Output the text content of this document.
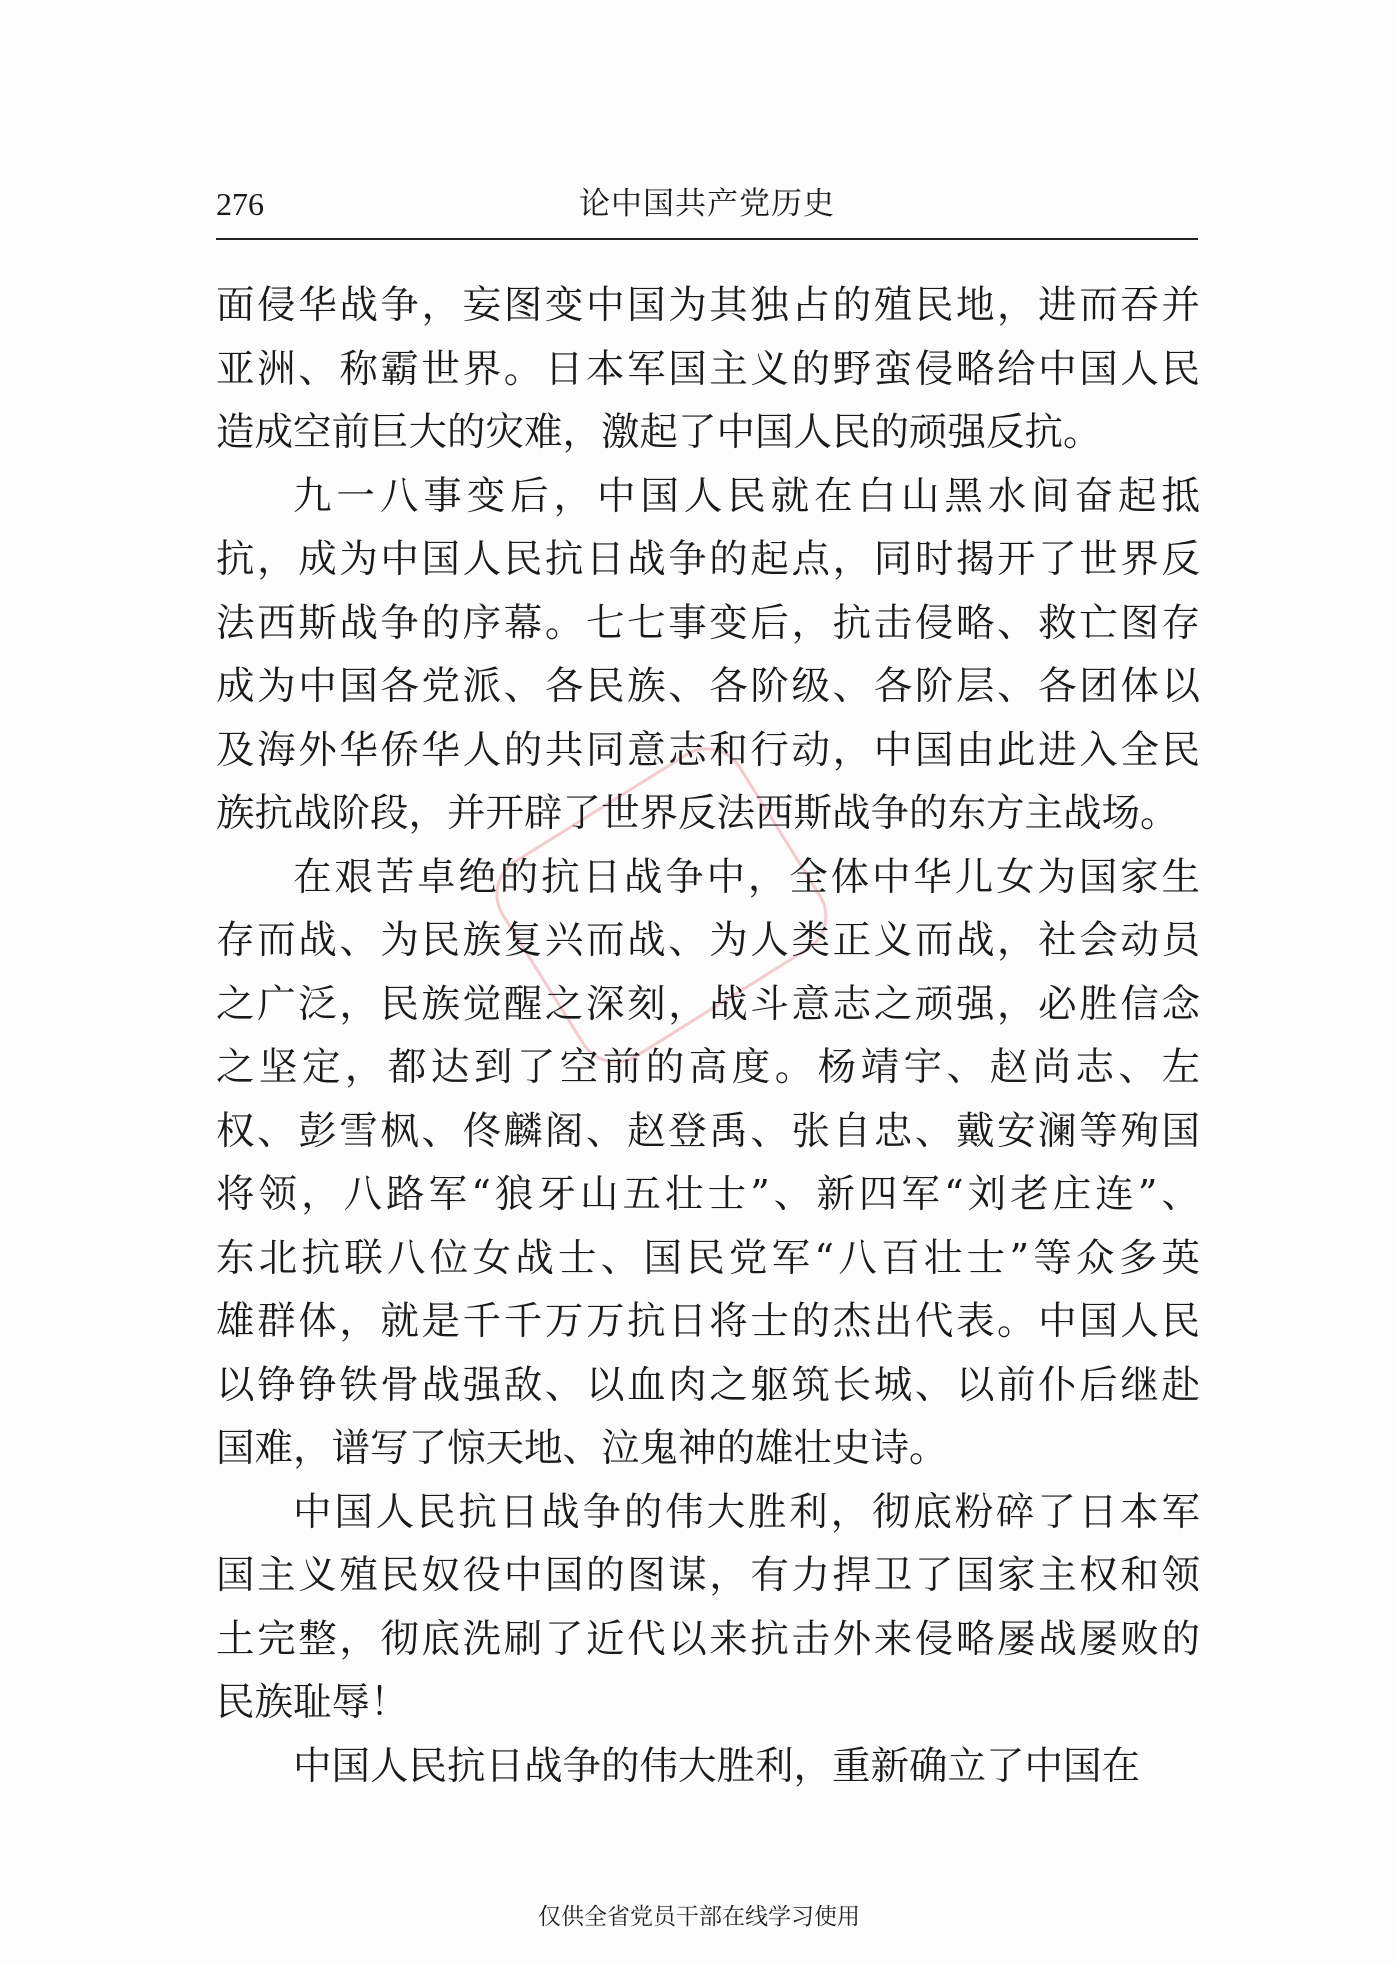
276	论中国共产党历史
面侵华战争，妄图变中国为其独占的殖民地，进而吞并
亚洲、称霸世界。日本军国主义的野蛮侵略给中国人民
造成空前巨大的灾难，激起了中国人民的顽强反抗。
九一八事变后，中国人民就在白山黑水间奋起抵
抗，成为中国人民抗日战争的起点，同时揭开了世界反
法西斯战争的序幕。七七事变后，抗击侵略、救亡图存
成为中国各党派、各民族、各阶级、各阶层、各团体以
及海外华侨华人的共同意志和行动，中国由此进入全民
族抗战阶段，并开辟了世界反法西斯战争的东方主战场。
在艰苦卓绝的抗日战争中，全体中华儿女为国家生
存而战、为民族复兴而战、为人类正义而战，社会动员
之广泛，民族觉醒之深刻，战斗意志之顽强，必胜信念
之坚定，都达到了空前的高度。杨靖宇、赵尚志、左
权、彭雪枫、佟麟阁、赵登禹、张自忠、戴安澜等殉国
将领，八路军“狼牙山五壮士”、新四军“刘老庄连”、
东北抗联八位女战士、国民党军“八百壮士”等众多英
雄群体，就是千千万万抗日将士的杰出代表。中国人民
以铮铮铁骨战强敌、以血肉之躯筑长城、以前仆后继赴
国难，谱写了惊天地、泣鬼神的雄壮史诗。
中国人民抗日战争的伟大胜利，彻底粉碎了日本军
国主义殖民奴役中国的图谋，有力捍卫了国家主权和领
土完整，彻底洗刷了近代以来抗击外来侵略屡战屡败的
民族耻辱！
中国人民抗日战争的伟大胜利，重新确立了中国在
仅供全省党员干部在线学习使用
